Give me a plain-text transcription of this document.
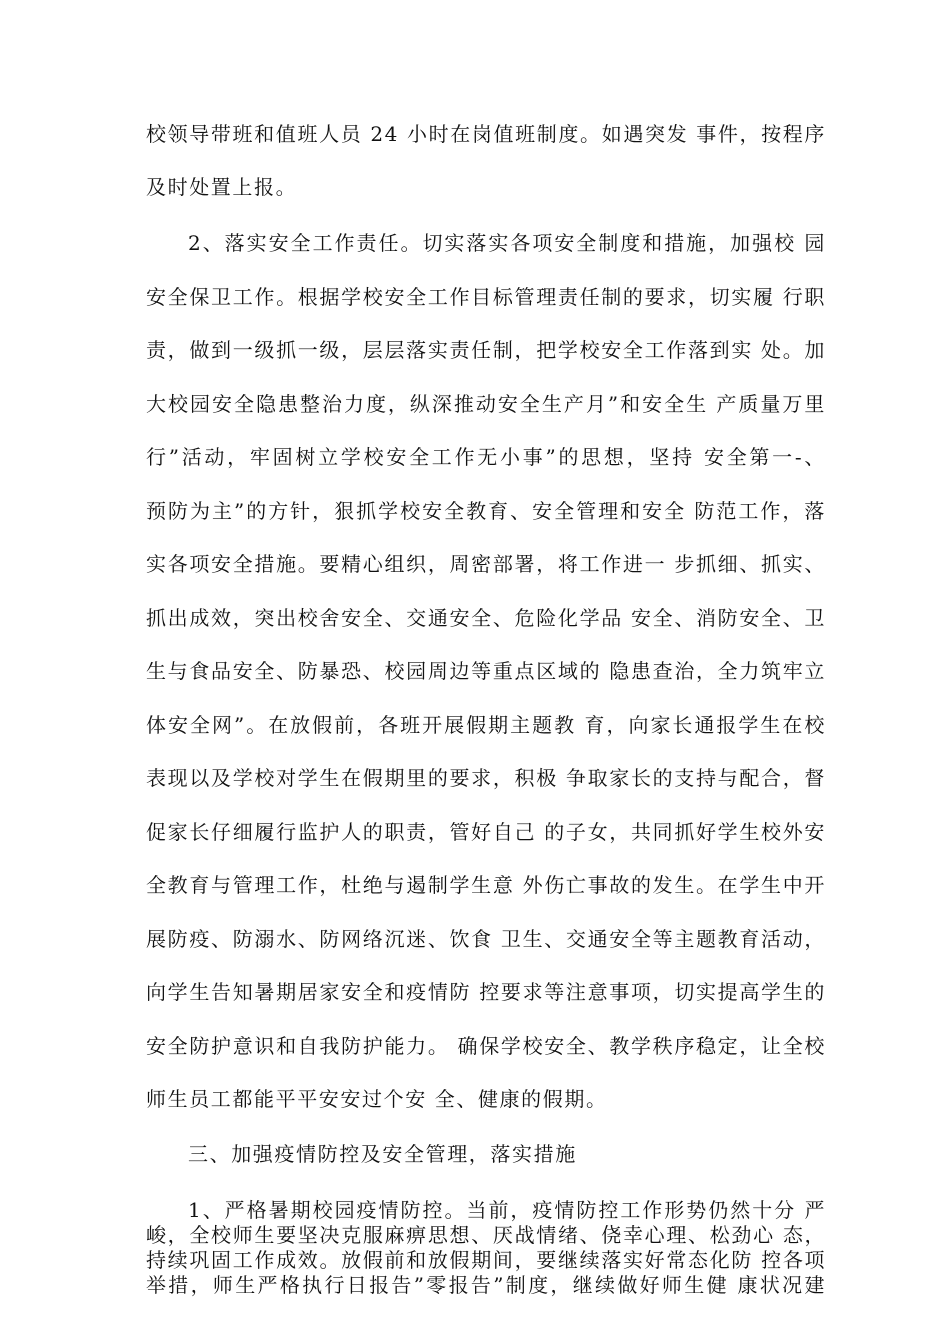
校领导带班和值班人员 24 小时在岗值班制度。如遇突发 事件，按程序
及时处置上报。
2、落实安全工作责任。切实落实各项安全制度和措施，加强校 园
安全保卫工作。根据学校安全工作目标管理责任制的要求，切实履 行职
责，做到一级抓一级，层层落实责任制，把学校安全工作落到实 处。加
大校园安全隐患整治力度，纵深推动安全生产月”和安全生 产质量万里
行”活动，牢固树立学校安全工作无小事”的思想，坚持 安全第一-、
预防为主”的方针，狠抓学校安全教育、安全管理和安全 防范工作，落
实各项安全措施。要精心组织，周密部署，将工作进一 步抓细、抓实、
抓出成效，突出校舍安全、交通安全、危险化学品 安全、消防安全、卫
生与食品安全、防暴恐、校园周边等重点区域的 隐患查治，全力筑牢立
体安全网”。在放假前，各班开展假期主题教 育，向家长通报学生在校
表现以及学校对学生在假期里的要求，积极 争取家长的支持与配合，督
促家长仔细履行监护人的职责，管好自己 的子女，共同抓好学生校外安
全教育与管理工作，杜绝与遏制学生意 外伤亡事故的发生。在学生中开
展防疫、防溺水、防网络沉迷、饮食 卫生、交通安全等主题教育活动，
向学生告知暑期居家安全和疫情防 控要求等注意事项，切实提高学生的
安全防护意识和自我防护能力。 确保学校安全、教学秩序稳定，让全校
师生员工都能平平安安过个安 全、健康的假期。
三、加强疫情防控及安全管理，落实措施
1、严格暑期校园疫情防控。当前，疫情防控工作形势仍然十分 严
峻，全校师生要坚决克服麻痹思想、厌战情绪、侥幸心理、松劲心 态，
持续巩固工作成效。放假前和放假期间，要继续落实好常态化防 控各项
举措，师生严格执行日报告”零报告”制度，继续做好师生健 康状况建
